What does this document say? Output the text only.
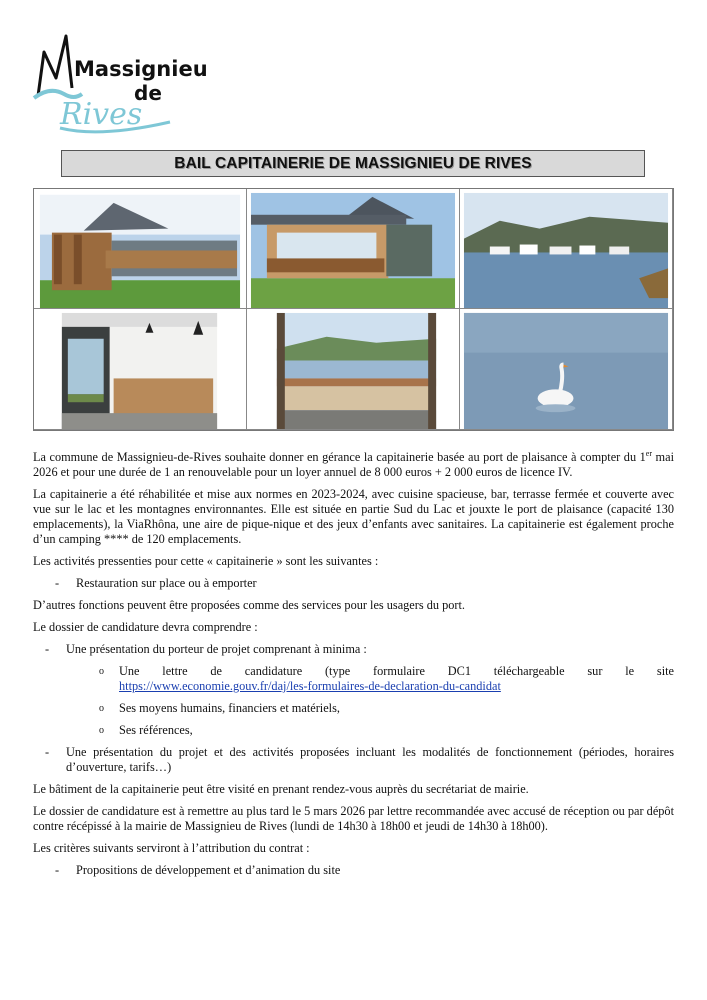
Massignieu
de
Rives
BAIL CAPITAINERIE DE MASSIGNIEU DE RIVES

La commune de Massignieu-de-Rives souhaite donner en gérance la capitainerie basée au port de plaisance à compter du 1er mai 2026 et pour une durée de 1 an renouvelable pour un loyer annuel de 8 000 euros + 2 000 euros de licence IV.

La capitainerie a été réhabilitée et mise aux normes en 2023-2024, avec cuisine spacieuse, bar, terrasse fermée et couverte avec vue sur le lac et les montagnes environnantes. Elle est située en partie Sud du Lac et jouxte le port de plaisance (capacité 130 emplacements), la ViaRhôna, une aire de pique-nique et des jeux d’enfants avec sanitaires. La capitainerie est également proche d’un camping **** de 120 emplacements.

Les activités pressenties pour cette « capitainerie » sont les suivantes :

-	Restauration sur place ou à emporter

D’autres fonctions peuvent être proposées comme des services pour les usagers du port.

Le dossier de candidature devra comprendre :

-	Une présentation du porteur de projet comprenant à minima :
o	Une lettre de candidature (type formulaire DC1 téléchargeable sur le site
https://www.economie.gouv.fr/daj/les-formulaires-de-declaration-du-candidat
o	Ses moyens humains, financiers et matériels,
o	Ses références,
-	Une présentation du projet et des activités proposées incluant les modalités de fonctionnement (périodes, horaires d’ouverture, tarifs…)

Le bâtiment de la capitainerie peut être visité en prenant rendez-vous auprès du secrétariat de mairie.

Le dossier de candidature est à remettre au plus tard le 5 mars 2026 par lettre recommandée avec accusé de réception ou par dépôt contre récépissé à la mairie de Massignieu de Rives (lundi de 14h30 à 18h00 et jeudi de 14h30 à 18h00).

Les critères suivants serviront à l’attribution du contrat :

-	Propositions de développement et d’animation du site
